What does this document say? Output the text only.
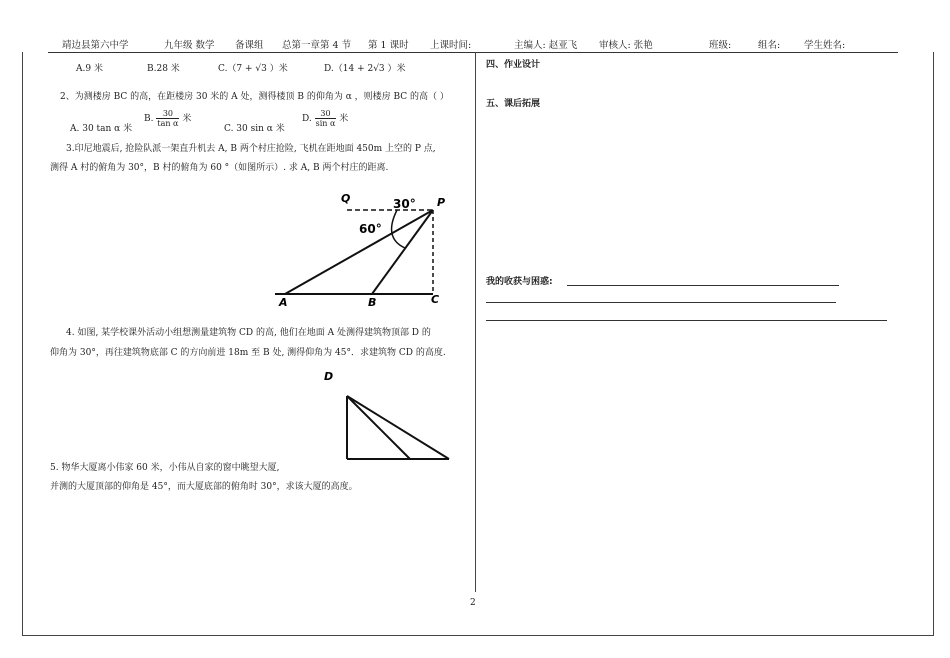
靖边县第六中学	九年级 数学 备课组 总第一章第 4 节 第 1 课时 上课时间:	主编人: 赵亚飞 审核人: 张艳	班级:	组名:	学生姓名:
A.9 米	B.28 米	C.（7 + √3 ）米	D.（14 + 2√3 ）米
2、为测楼房 BC 的高，在距楼房 30 米的 A 处，测得楼顶 B 的仰角为 α ，则楼房 BC 的高（ ）
A. 30 tan α 米
B. $\frac{30}{\text{tan α}}$ 米
C. 30 sin α 米
D. $\frac{30}{\text{sin α}}$ 米
3.印尼地震后, 抢险队派一架直升机去 A, B 两个村庄抢险, 飞机在距地面 450m 上空的 P 点,
测得 A 村的俯角为 30°，B 村的俯角为 60 °（如图所示）. 求 A, B 两个村庄的距离.
Q	30° P
60°
A	B	C
4. 如图, 某学校课外活动小组想测量建筑物 CD 的高, 他们在地面 A 处测得建筑物顶部 D 的
仰角为 30°，再往建筑物底部 C 的方向前进 18m 至 B 处, 测得仰角为 45°．求建筑物 CD 的高度.
D
5. 物华大厦离小伟家 60 米，小伟从自家的窗中眺望大厦,
并测的大厦顶部的仰角是 45°，而大厦底部的俯角时 30°，求该大厦的高度。
四、作业设计
五、课后拓展
我的收获与困惑:
2
